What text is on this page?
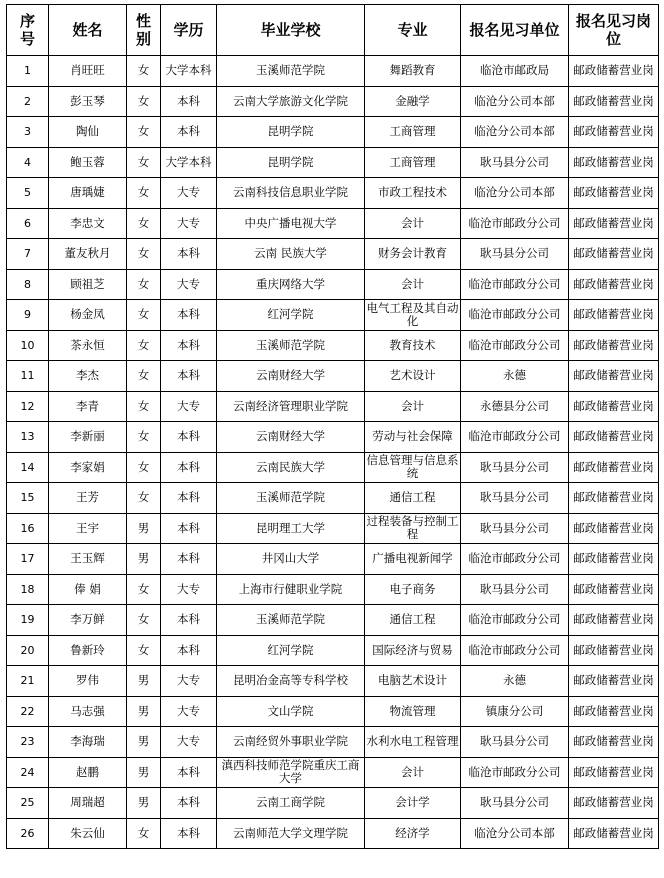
序号	姓名	性别	学历	毕业学校	专业	报名见习单位	报名见习岗位
1	肖旺旺	女	大学本科	玉溪师范学院	舞蹈教育	临沧市邮政局	邮政储蓄营业岗
2	彭玉琴	女	本科	云南大学旅游文化学院	金融学	临沧分公司本部	邮政储蓄营业岗
3	陶仙	女	本科	昆明学院	工商管理	临沧分公司本部	邮政储蓄营业岗
4	鲍玉蓉	女	大学本科	昆明学院	工商管理	耿马县分公司	邮政储蓄营业岗
5	唐瑀婕	女	大专	云南科技信息职业学院	市政工程技术	临沧分公司本部	邮政储蓄营业岗
6	李忠文	女	大专	中央广播电视大学	会计	临沧市邮政分公司	邮政储蓄营业岗
7	董友秋月	女	本科	云南 民族大学	财务会计教育	耿马县分公司	邮政储蓄营业岗
8	顾祖芝	女	大专	重庆网络大学	会计	临沧市邮政分公司	邮政储蓄营业岗
9	杨金凤	女	本科	红河学院	电气工程及其自动化	临沧市邮政分公司	邮政储蓄营业岗
10	茶永恒	女	本科	玉溪师范学院	教育技术	临沧市邮政分公司	邮政储蓄营业岗
11	李杰	女	本科	云南财经大学	艺术设计	永德	邮政储蓄营业岗
12	李青	女	大专	云南经济管理职业学院	会计	永德县分公司	邮政储蓄营业岗
13	李新丽	女	本科	云南财经大学	劳动与社会保障	临沧市邮政分公司	邮政储蓄营业岗
14	李家娟	女	本科	云南民族大学	信息管理与信息系统	耿马县分公司	邮政储蓄营业岗
15	王芳	女	本科	玉溪师范学院	通信工程	耿马县分公司	邮政储蓄营业岗
16	王宇	男	本科	昆明理工大学	过程装备与控制工程	耿马县分公司	邮政储蓄营业岗
17	王玉辉	男	本科	井冈山大学	广播电视新闻学	临沧市邮政分公司	邮政储蓄营业岗
18	俸 娟	女	大专	上海市行健职业学院	电子商务	耿马县分公司	邮政储蓄营业岗
19	李万鲜	女	本科	玉溪师范学院	通信工程	临沧市邮政分公司	邮政储蓄营业岗
20	鲁新玲	女	本科	红河学院	国际经济与贸易	临沧市邮政分公司	邮政储蓄营业岗
21	罗伟	男	大专	昆明冶金高等专科学校	电脑艺术设计	永德	邮政储蓄营业岗
22	马志强	男	大专	文山学院	物流管理	镇康分公司	邮政储蓄营业岗
23	李海瑞	男	大专	云南经贸外事职业学院	水利水电工程管理	耿马县分公司	邮政储蓄营业岗
24	赵鹏	男	本科	滇西科技师范学院重庆工商大学	会计	临沧市邮政分公司	邮政储蓄营业岗
25	周瑞超	男	本科	云南工商学院	会计学	耿马县分公司	邮政储蓄营业岗
26	朱云仙	女	本科	云南师范大学文理学院	经济学	临沧分公司本部	邮政储蓄营业岗
